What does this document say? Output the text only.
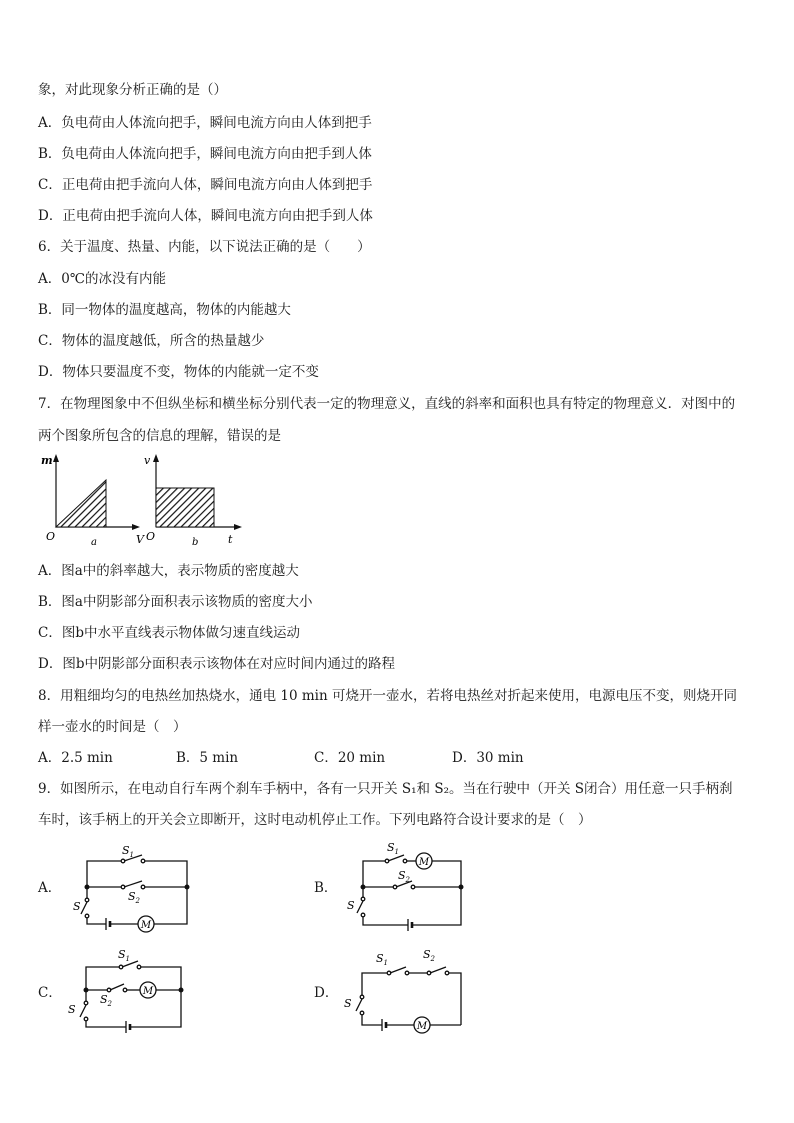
象，对此现象分析正确的是（）
A．负电荷由人体流向把手，瞬间电流方向由人体到把手
B．负电荷由人体流向把手，瞬间电流方向由把手到人体
C．正电荷由把手流向人体，瞬间电流方向由人体到把手
D．正电荷由把手流向人体，瞬间电流方向由把手到人体
6．关于温度、热量、内能，以下说法正确的是（　　）
A．0℃的冰没有内能
B．同一物体的温度越高，物体的内能越大
C．物体的温度越低，所含的热量越少
D．物体只要温度不变，物体的内能就一定不变
7．在物理图象中不但纵坐标和横坐标分别代表一定的物理意义，直线的斜率和面积也具有特定的物理意义．对图中的
两个图象所包含的信息的理解，错误的是
m
V
O	a
v
t
O	b
A．图a中的斜率越大，表示物质的密度越大
B．图a中阴影部分面积表示该物质的密度大小
C．图b中水平直线表示物体做匀速直线运动
D．图b中阴影部分面积表示该物体在对应时间内通过的路程
8．用粗细均匀的电热丝加热烧水，通电 10 min 可烧开一壶水，若将电热丝对折起来使用，电源电压不变，则烧开同
样一壶水的时间是（　）
A．2.5 min	B．5 min	C．20 min	D．30 min
9．如图所示，在电动自行车两个刹车手柄中，各有一只开关 S₁和 S₂。当在行驶中（开关 S闭合）用任意一只手柄刹
车时，该手柄上的开关会立即断开，这时电动机停止工作。下列电路符合设计要求的是（　）
A．	B．
C．	D．
M
$S_1$
$S_2$
S
M
$S_1$
$S_2$
S
M
$S_1$
$S_2$
S
M
$S_1$
$S_2$
S
